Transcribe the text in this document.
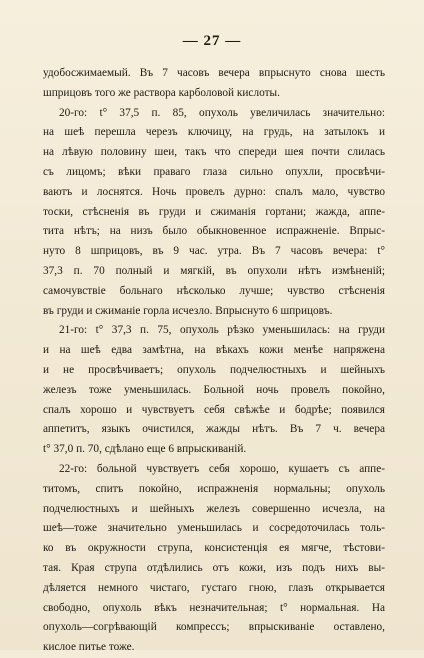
— 27 —
удобосжимаемый. Въ 7 часовъ вечера впрыснуто снова шесть
шприцовъ того же раствора карболовой кислоты.
20-го: t° 37,5 п. 85, опухоль увеличилась значительно:
на шеѣ перешла черезъ ключицу, на грудь, на затылокъ и
на лѣвую половину шеи, такъ что спереди шея почти слилась
съ лицомъ; вѣки праваго глаза сильно опухли, просвѣчи-
ваютъ и лоснятся. Ночь провелъ дурно: спалъ мало, чувство
тоски, стѣсненія въ груди и сжиманія гортани; жажда, аппе-
тита нѣтъ; на низъ было обыкновенное испражненіе. Впрыс-
нуто 8 шприцовъ, въ 9 час. утра. Въ 7 часовъ вечера: t°
37,3 п. 70 полный и мягкій, въ опухоли нѣтъ измѣненій;
самочувствіе больнаго нѣсколько лучше; чувство стѣсненія
въ груди и сжиманіе горла исчезло. Впрыснуто 6 шприцовъ.
21-го: t° 37,3 п. 75, опухоль рѣзко уменьшилась: на груди
и на шеѣ едва замѣтна, на вѣкахъ кожи менѣе напряжена
и не просвѣчиваетъ; опухоль подчелюстныхъ и шейныхъ
железъ тоже уменьшилась. Больной ночь провелъ покойно,
спалъ хорошо и чувствуетъ себя свѣжѣе и бодрѣе; появился
аппетитъ, языкъ очистился, жажды нѣтъ. Въ 7 ч. вечера
t° 37,0 п. 70, сдѣлано еще 6 впрыскиваній.
22-го: больной чувствуетъ себя хорошо, кушаетъ съ аппе-
титомъ, спитъ покойно, испражненія нормальны; опухоль
подчелюстныхъ и шейныхъ железъ совершенно исчезла, на
шеѣ—тоже значительно уменьшилась и сосредоточилась толь-
ко въ окружности струпа, консистенція ея мягче, тѣстови-
тая. Края струпа отдѣлились отъ кожи, изъ подъ нихъ вы-
дѣляется немного чистаго, густаго гною, глазъ открывается
свободно, опухоль вѣкъ незначительная; t° нормальная. На
опухоль—согрѣвающій компрессъ; впрыскиваніе оставлено,
кислое питье тоже.
